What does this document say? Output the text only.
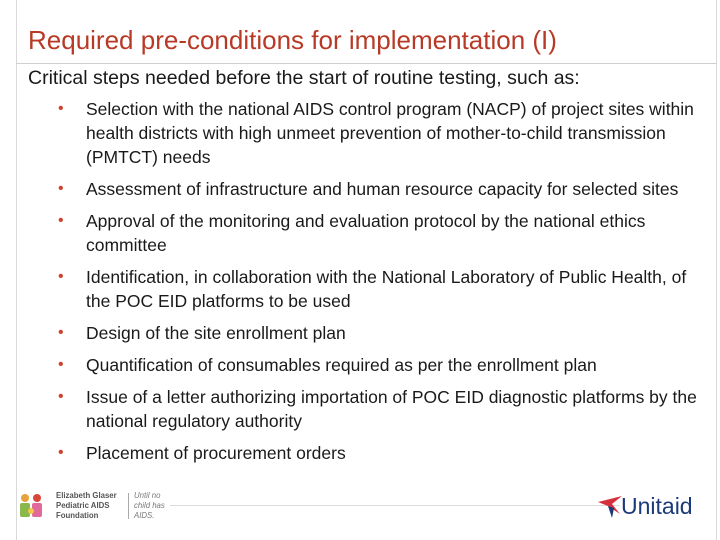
Required pre-conditions for implementation (I)

Critical steps needed before the start of routine testing, such as:

• Selection with the national AIDS control program (NACP) of project sites within health districts with high unmeet prevention of mother-to-child transmission (PMTCT) needs
• Assessment of infrastructure and human resource capacity for selected sites
• Approval of the monitoring and evaluation protocol by the national ethics committee
• Identification, in collaboration with the National Laboratory of Public Health, of the POC EID platforms to be used
• Design of the site enrollment plan
• Quantification of consumables required as per the enrollment plan
• Issue of a letter authorizing importation of POC EID diagnostic platforms by the national regulatory authority
• Placement of procurement orders
Elizabeth Glaser
Pediatric AIDS
Foundation
Until no
child has
AIDS.	Unitaid
